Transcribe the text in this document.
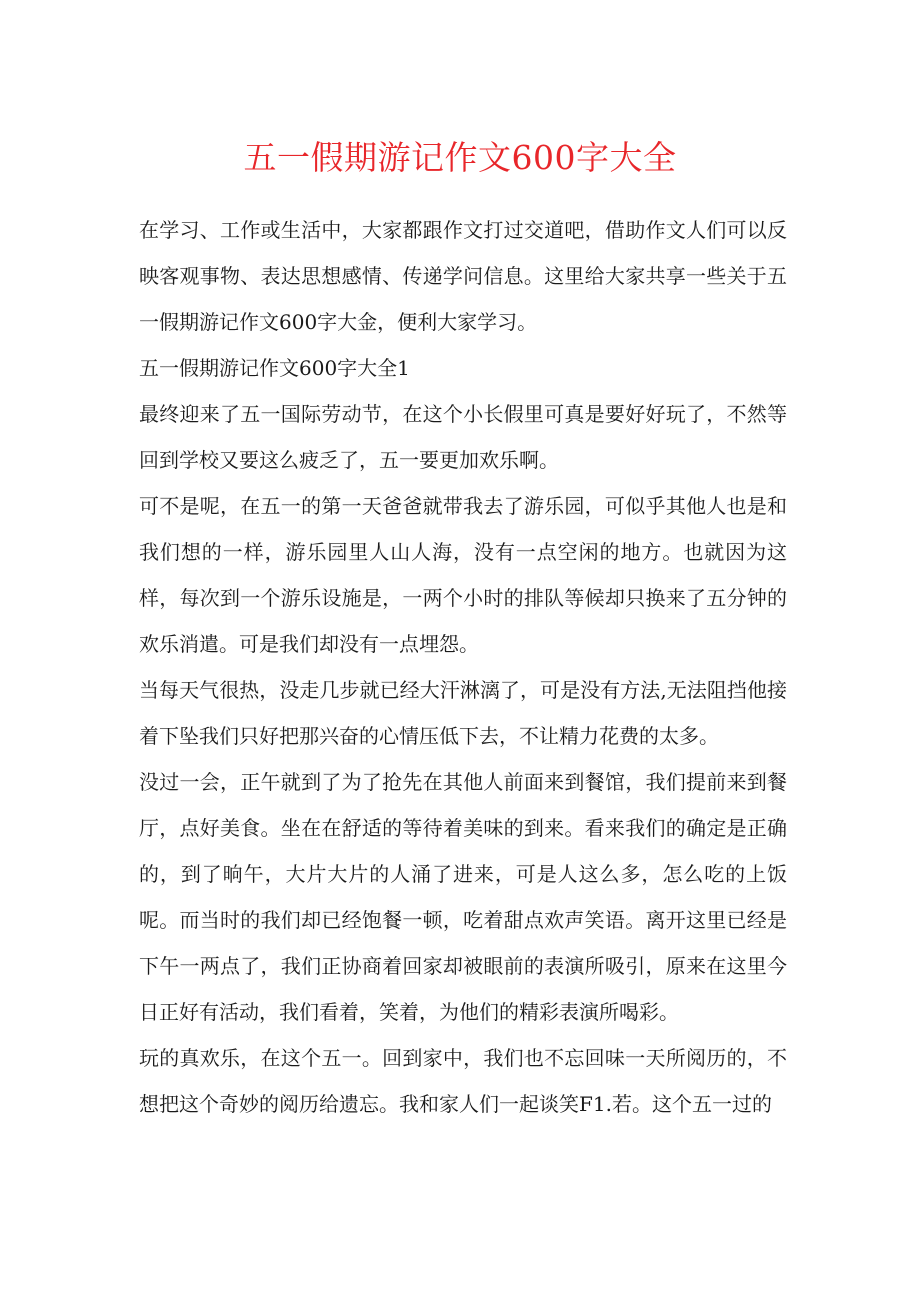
五一假期游记作文600字大全

在学习、工作或生活中，大家都跟作文打过交道吧，借助作文人们可以反映客观事物、表达思想感情、传递学问信息。这里给大家共享一些关于五一假期游记作文600字大金，便利大家学习。

五一假期游记作文600字大全1

最终迎来了五一国际劳动节，在这个小长假里可真是要好好玩了，不然等回到学校又要这么疲乏了，五一要更加欢乐啊。

可不是呢，在五一的第一天爸爸就带我去了游乐园，可似乎其他人也是和我们想的一样，游乐园里人山人海，没有一点空闲的地方。也就因为这样，每次到一个游乐设施是，一两个小时的排队等候却只换来了五分钟的欢乐消遣。可是我们却没有一点埋怨。

当每天气很热，没走几步就已经大汗淋漓了，可是没有方法,无法阻挡他接着下坠我们只好把那兴奋的心情压低下去，不让精力花费的太多。

没过一会，正午就到了为了抢先在其他人前面来到餐馆，我们提前来到餐厅，点好美食。坐在在舒适的等待着美味的到来。看来我们的确定是正确的，到了晌午，大片大片的人涌了进来，可是人这么多，怎么吃的上饭呢。而当时的我们却已经饱餐一顿，吃着甜点欢声笑语。离开这里已经是下午一两点了，我们正协商着回家却被眼前的表演所吸引，原来在这里今日正好有活动，我们看着，笑着，为他们的精彩表演所喝彩。

玩的真欢乐，在这个五一。回到家中，我们也不忘回味一天所阅历的，不想把这个奇妙的阅历给遗忘。我和家人们一起谈笑F1.若。这个五一过的
